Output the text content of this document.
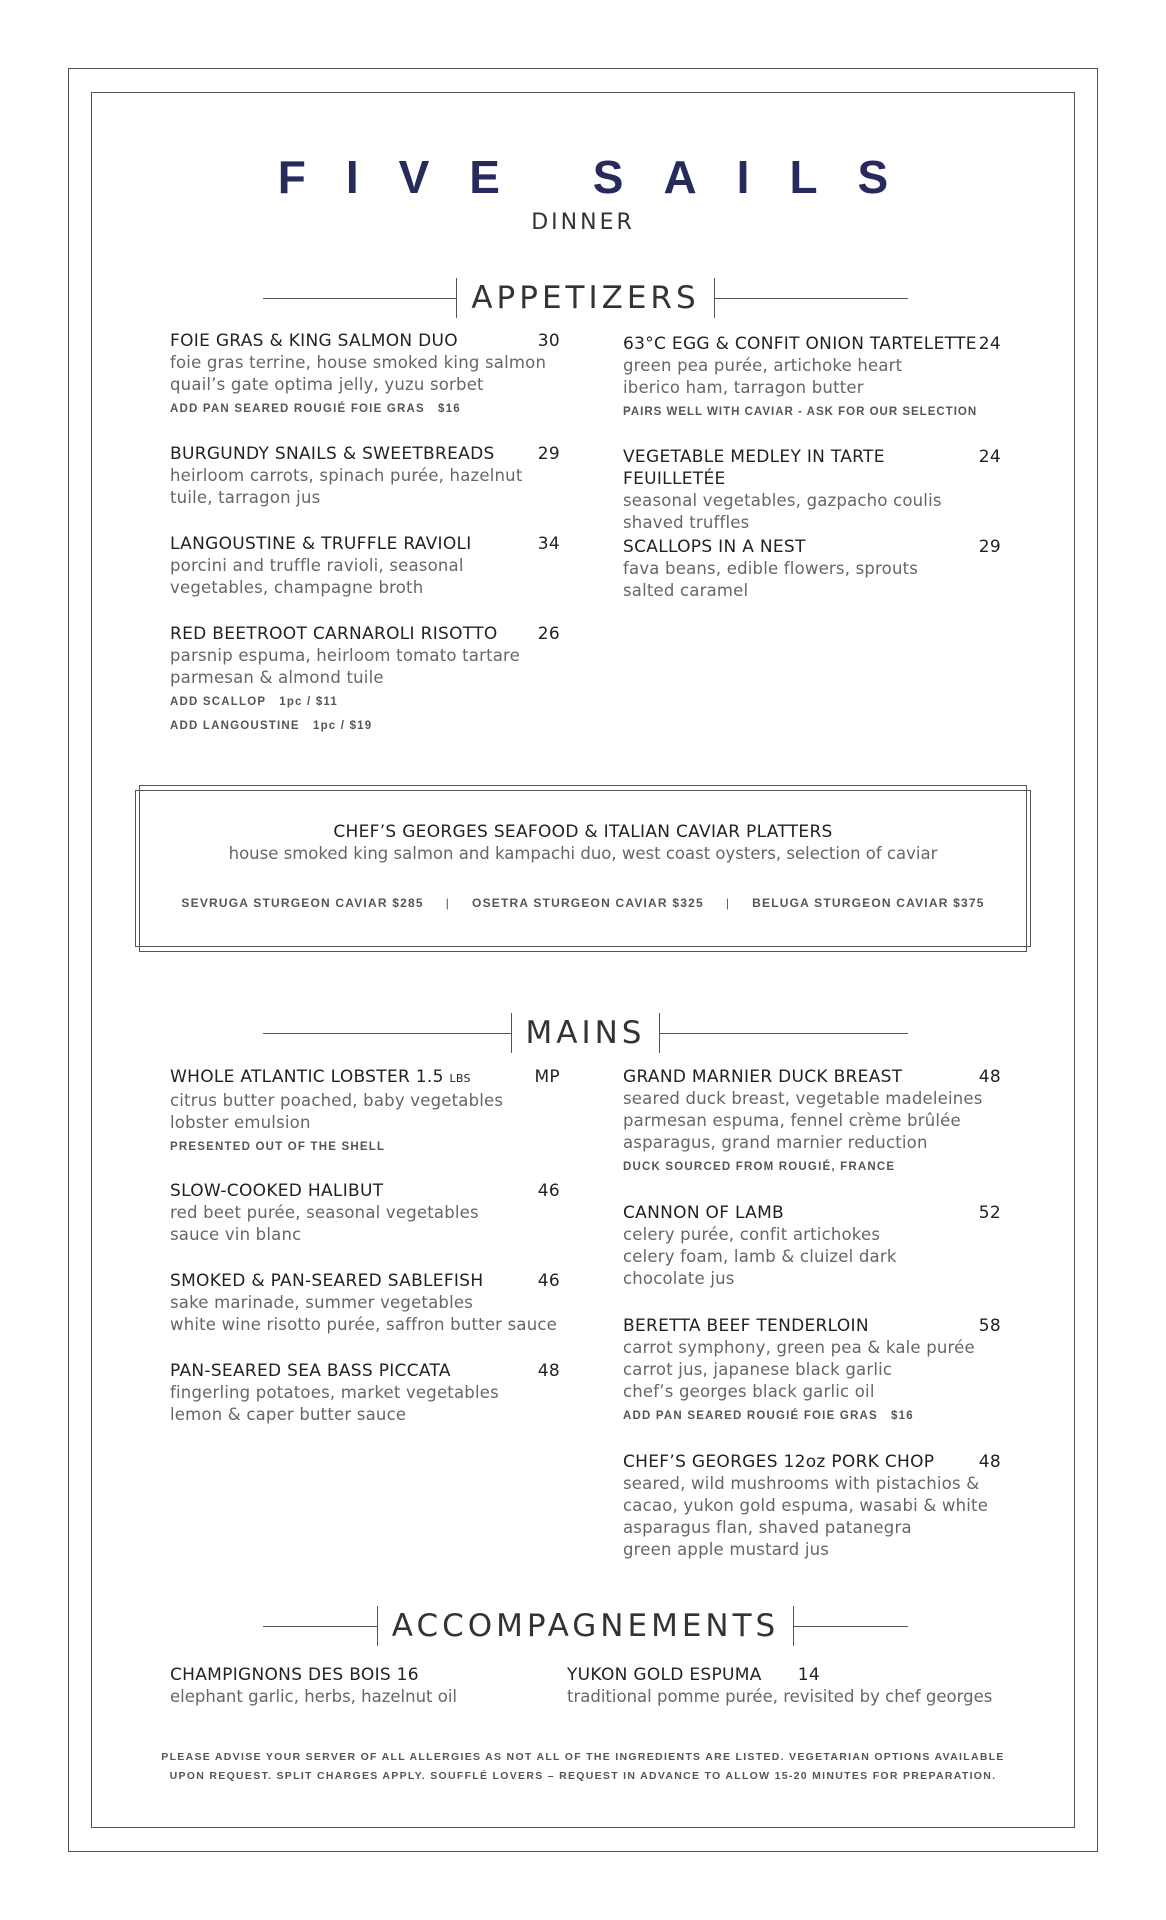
FIVE SAILS
DINNER
APPETIZERS
FOIE GRAS & KING SALMON DUO	30
foie gras terrine, house smoked king salmon
quail’s gate optima jelly, yuzu sorbet
ADD PAN SEARED ROUGIÉ FOIE GRAS   $16
BURGUNDY SNAILS & SWEETBREADS	29
heirloom carrots, spinach purée, hazelnut
tuile, tarragon jus
LANGOUSTINE & TRUFFLE RAVIOLI	34
porcini and truffle ravioli, seasonal
vegetables, champagne broth
RED BEETROOT CARNAROLI RISOTTO 26
parsnip espuma, heirloom tomato tartare
parmesan & almond tuile
ADD SCALLOP   1pc / $11
ADD LANGOUSTINE   1pc / $19
63°C EGG & CONFIT ONION TARTELETTE 24
green pea purée, artichoke heart
iberico ham, tarragon butter
PAIRS WELL WITH CAVIAR - ASK FOR OUR SELECTION
VEGETABLE MEDLEY IN TARTE FEUILLETÉE
24
seasonal vegetables, gazpacho coulis
shaved truffles
SCALLOPS IN A NEST	29
fava beans, edible flowers, sprouts
salted caramel
CHEF’S GEORGES SEAFOOD & ITALIAN CAVIAR PLATTERS
house smoked king salmon and kampachi duo, west coast oysters, selection of caviar
SEVRUGA STURGEON CAVIAR $285	|	OSETRA STURGEON CAVIAR $325	|	BELUGA STURGEON CAVIAR $375
MAINS
WHOLE ATLANTIC LOBSTER 1.5 LBS	MP
citrus butter poached, baby vegetables
lobster emulsion
PRESENTED OUT OF THE SHELL
SLOW-COOKED HALIBUT	46
red beet purée, seasonal vegetables
sauce vin blanc
SMOKED & PAN-SEARED SABLEFISH	46
sake marinade, summer vegetables
white wine risotto purée, saffron butter sauce
PAN-SEARED SEA BASS PICCATA	48
fingerling potatoes, market vegetables
lemon & caper butter sauce
GRAND MARNIER DUCK BREAST	48
seared duck breast, vegetable madeleines
parmesan espuma, fennel crème brûlée
asparagus, grand marnier reduction
DUCK SOURCED FROM ROUGIÉ, FRANCE
CANNON OF LAMB	52
celery purée, confit artichokes
celery foam, lamb & cluizel dark
chocolate jus
BERETTA BEEF TENDERLOIN	58
carrot symphony, green pea & kale purée
carrot jus, japanese black garlic
chef’s georges black garlic oil
ADD PAN SEARED ROUGIÉ FOIE GRAS   $16
CHEF’S GEORGES 12oz PORK CHOP	48
seared, wild mushrooms with pistachios &
cacao, yukon gold espuma, wasabi & white
asparagus flan, shaved patanegra
green apple mustard jus
ACCOMPAGNEMENTS
CHAMPIGNONS DES BOIS 16
elephant garlic, herbs, hazelnut oil
YUKON GOLD ESPUMA 14
traditional pomme purée, revisited by chef georges
PLEASE ADVISE YOUR SERVER OF ALL ALLERGIES AS NOT ALL OF THE INGREDIENTS ARE LISTED. VEGETARIAN OPTIONS AVAILABLE
UPON REQUEST. SPLIT CHARGES APPLY. SOUFFLÉ LOVERS – REQUEST IN ADVANCE TO ALLOW 15-20 MINUTES FOR PREPARATION.
